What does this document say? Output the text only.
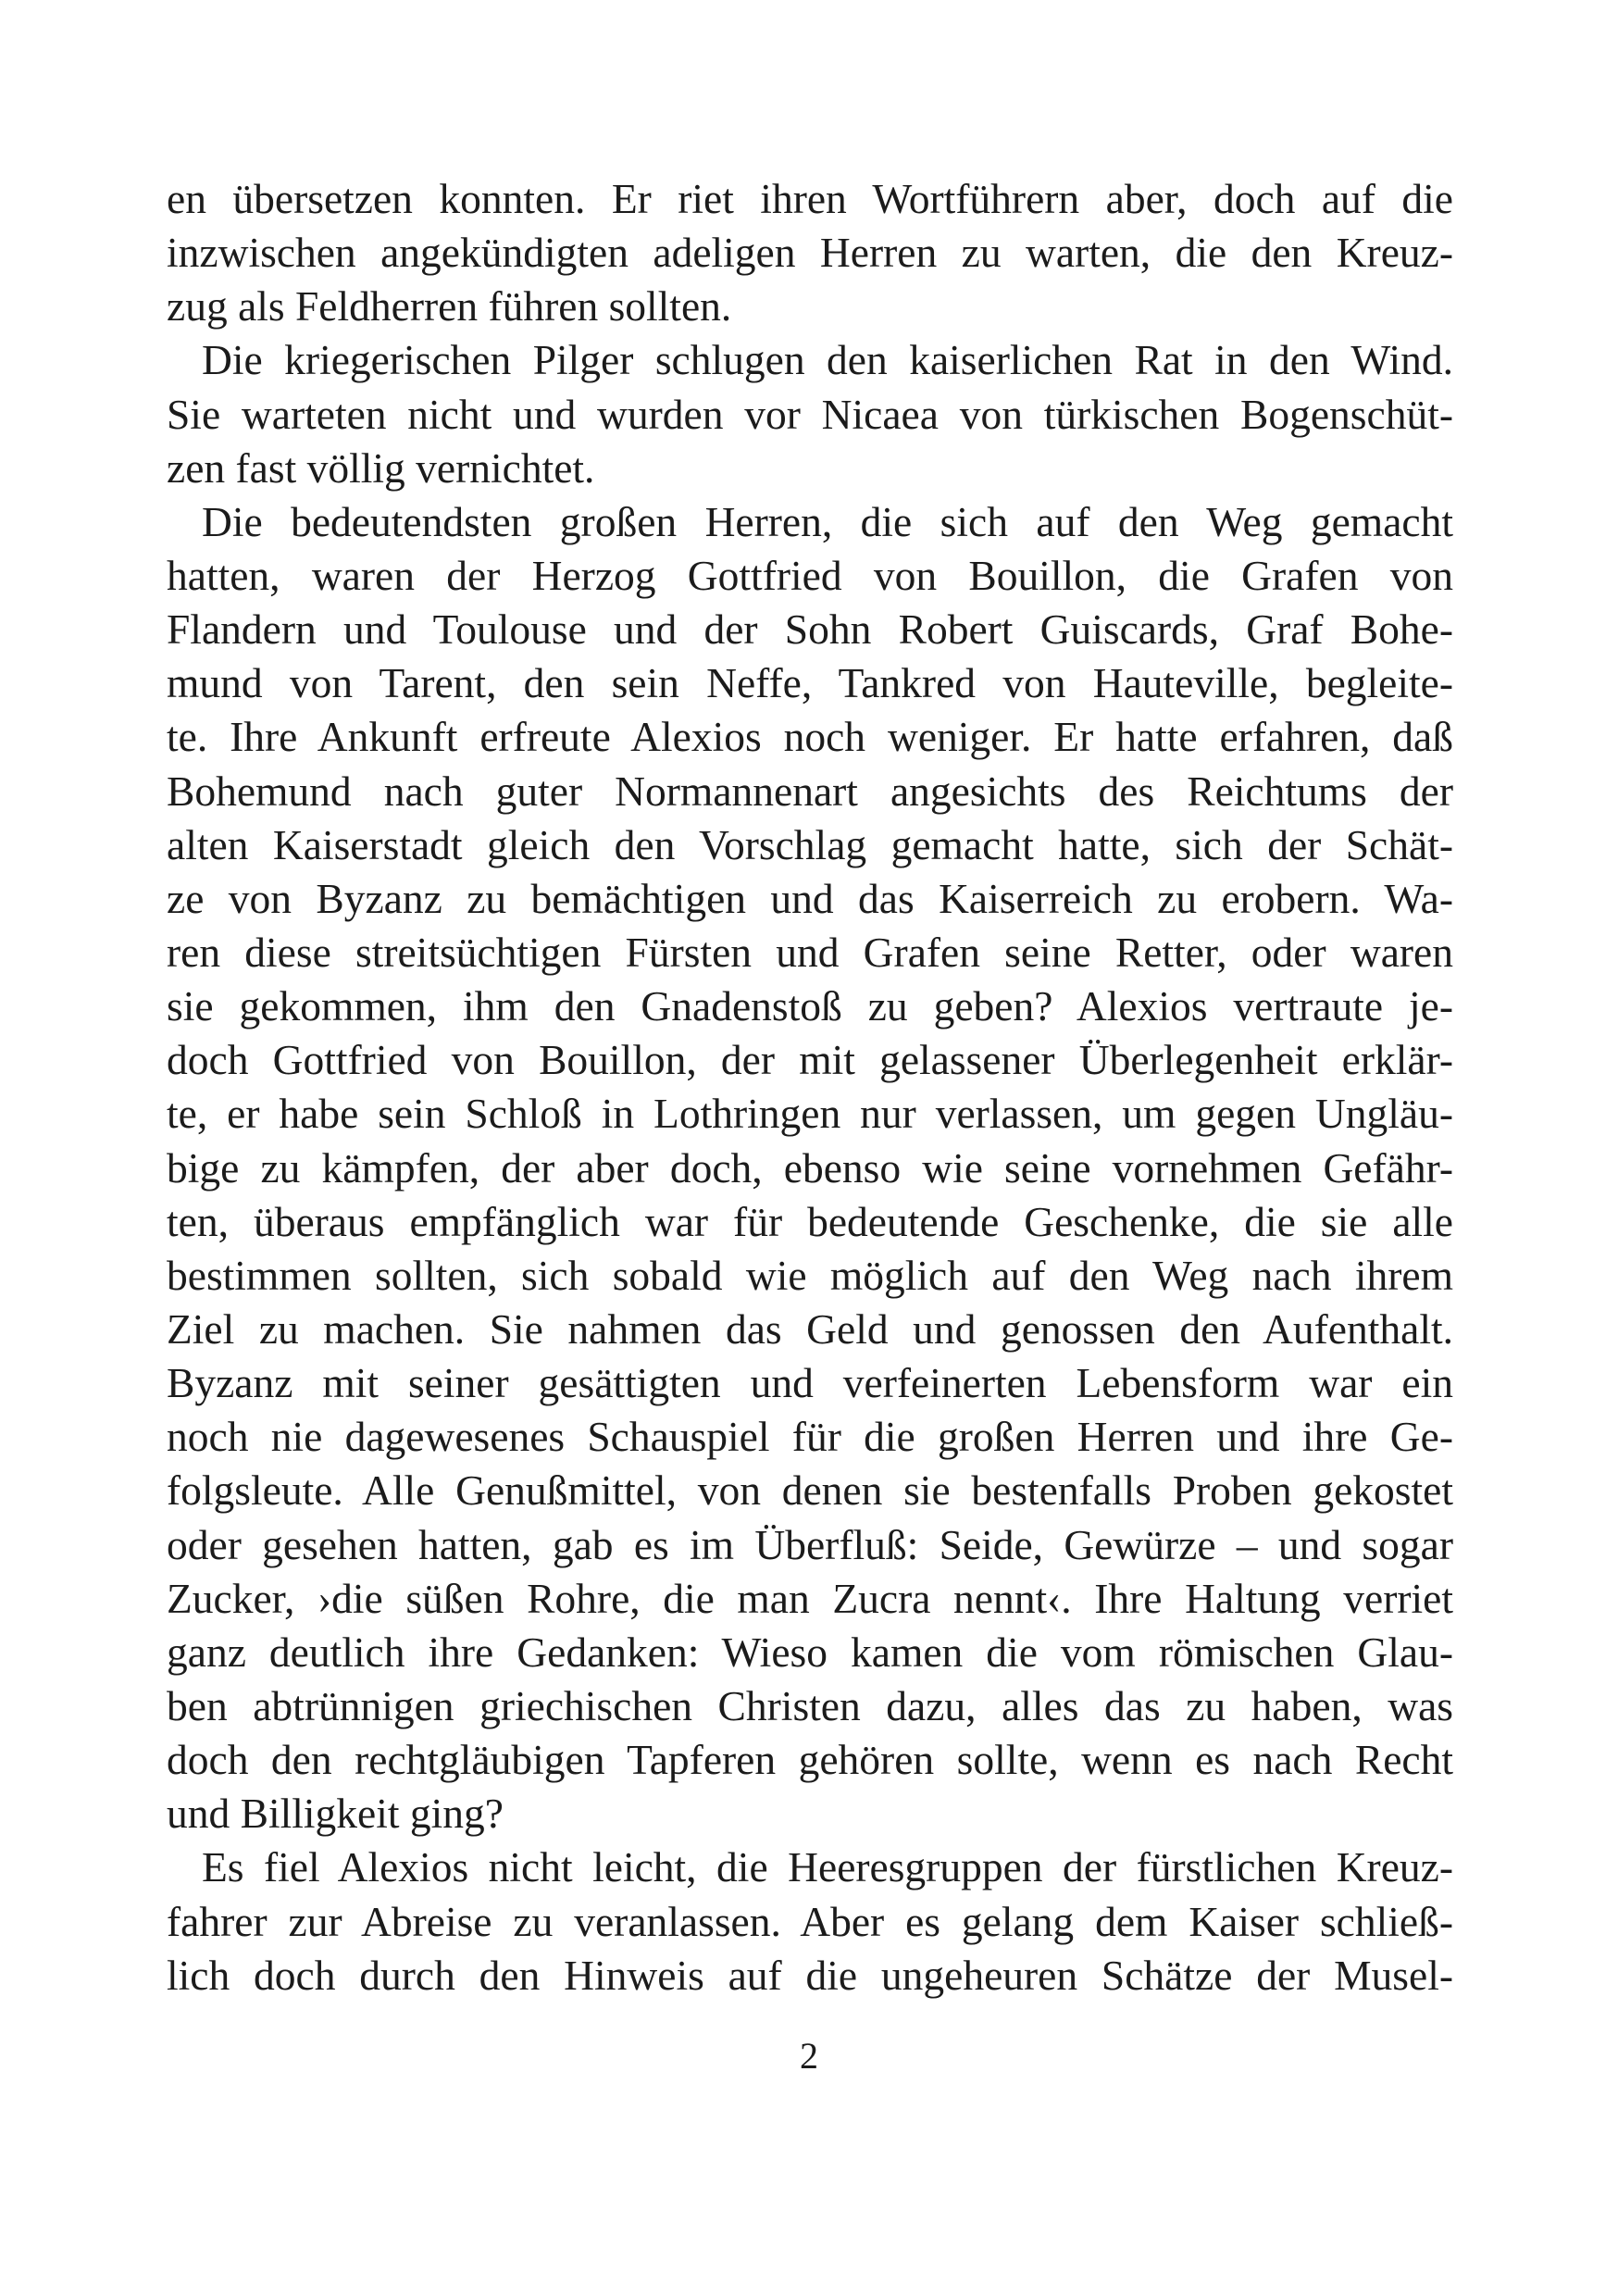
en übersetzen konnten. Er riet ihren Wortführern aber, doch auf die
inzwischen angekündigten adeligen Herren zu warten, die den Kreuz-
zug als Feldherren führen sollten.
Die kriegerischen Pilger schlugen den kaiserlichen Rat in den Wind.
Sie warteten nicht und wurden vor Nicaea von türkischen Bogenschüt-
zen fast völlig vernichtet.
Die bedeutendsten großen Herren, die sich auf den Weg gemacht
hatten, waren der Herzog Gottfried von Bouillon, die Grafen von
Flandern und Toulouse und der Sohn Robert Guiscards, Graf Bohe-
mund von Tarent, den sein Neffe, Tankred von Hauteville, begleite-
te. Ihre Ankunft erfreute Alexios noch weniger. Er hatte erfahren, daß
Bohemund nach guter Normannenart angesichts des Reichtums der
alten Kaiserstadt gleich den Vorschlag gemacht hatte, sich der Schät-
ze von Byzanz zu bemächtigen und das Kaiserreich zu erobern. Wa-
ren diese streitsüchtigen Fürsten und Grafen seine Retter, oder waren
sie gekommen, ihm den Gnadenstoß zu geben? Alexios vertraute je-
doch Gottfried von Bouillon, der mit gelassener Überlegenheit erklär-
te, er habe sein Schloß in Lothringen nur verlassen, um gegen Ungläu-
bige zu kämpfen, der aber doch, ebenso wie seine vornehmen Gefähr-
ten, überaus empfänglich war für bedeutende Geschenke, die sie alle
bestimmen sollten, sich sobald wie möglich auf den Weg nach ihrem
Ziel zu machen. Sie nahmen das Geld und genossen den Aufenthalt.
Byzanz mit seiner gesättigten und verfeinerten Lebensform war ein
noch nie dagewesenes Schauspiel für die großen Herren und ihre Ge-
folgsleute. Alle Genußmittel, von denen sie bestenfalls Proben gekostet
oder gesehen hatten, gab es im Überfluß: Seide, Gewürze – und sogar
Zucker, ›die süßen Rohre, die man Zucra nennt‹. Ihre Haltung verriet
ganz deutlich ihre Gedanken: Wieso kamen die vom römischen Glau-
ben abtrünnigen griechischen Christen dazu, alles das zu haben, was
doch den rechtgläubigen Tapferen gehören sollte, wenn es nach Recht
und Billigkeit ging?
Es fiel Alexios nicht leicht, die Heeresgruppen der fürstlichen Kreuz-
fahrer zur Abreise zu veranlassen. Aber es gelang dem Kaiser schließ-
lich doch durch den Hinweis auf die ungeheuren Schätze der Musel-
2
